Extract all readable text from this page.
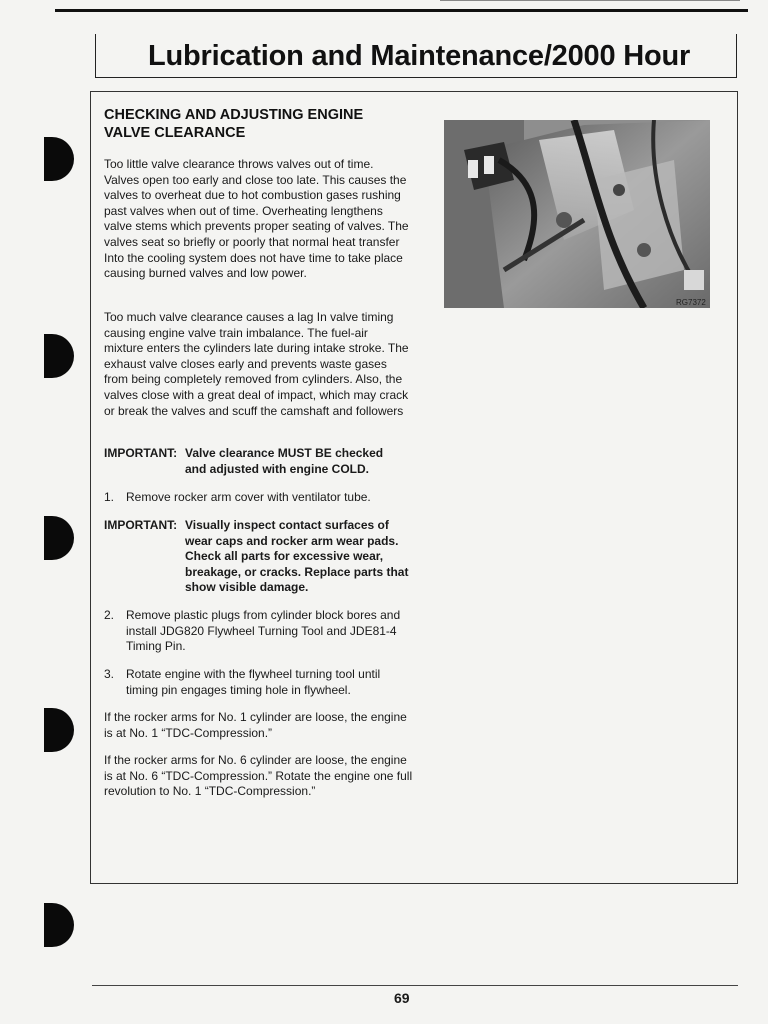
Lubrication and Maintenance/2000 Hour
CHECKING AND ADJUSTING ENGINE VALVE CLEARANCE

Too little valve clearance throws valves out of time. Valves open too early and close too late. This causes the valves to overheat due to hot combustion gases rushing past valves when out of time. Overheating lengthens valve stems which prevents proper seating of valves. The valves seat so briefly or poorly that normal heat transfer Into the cooling system does not have time to take place causing burned valves and low power.

Too much valve clearance causes a lag In valve timing causing engine valve train imbalance. The fuel-air mixture enters the cylinders late during intake stroke. The exhaust valve closes early and prevents waste gases from being completely removed from cylinders. Also, the valves close with a great deal of impact, which may crack or break the valves and scuff the camshaft and followers

IMPORTANT: Valve clearance MUST BE checked
and adjusted with engine COLD.
1. Remove rocker arm cover with ventilator tube.
IMPORTANT: Visually inspect contact surfaces of
wear caps and rocker arm wear pads. Check all parts for excessive wear, breakage, or cracks. Replace parts that show visible damage.
2. Remove plastic plugs from cylinder block bores and install JDG820 Flywheel Turning Tool and JDE81-4 Timing Pin.
3. Rotate engine with the flywheel turning tool until timing pin engages timing hole in flywheel.

If the rocker arms for No. 1 cylinder are loose, the engine is at No. 1 “TDC-Compression.”

If the rocker arms for No. 6 cylinder are loose, the engine is at No. 6 “TDC-Compression.” Rotate the engine one full revolution to No. 1 “TDC-Compression.”

RG7372

69
